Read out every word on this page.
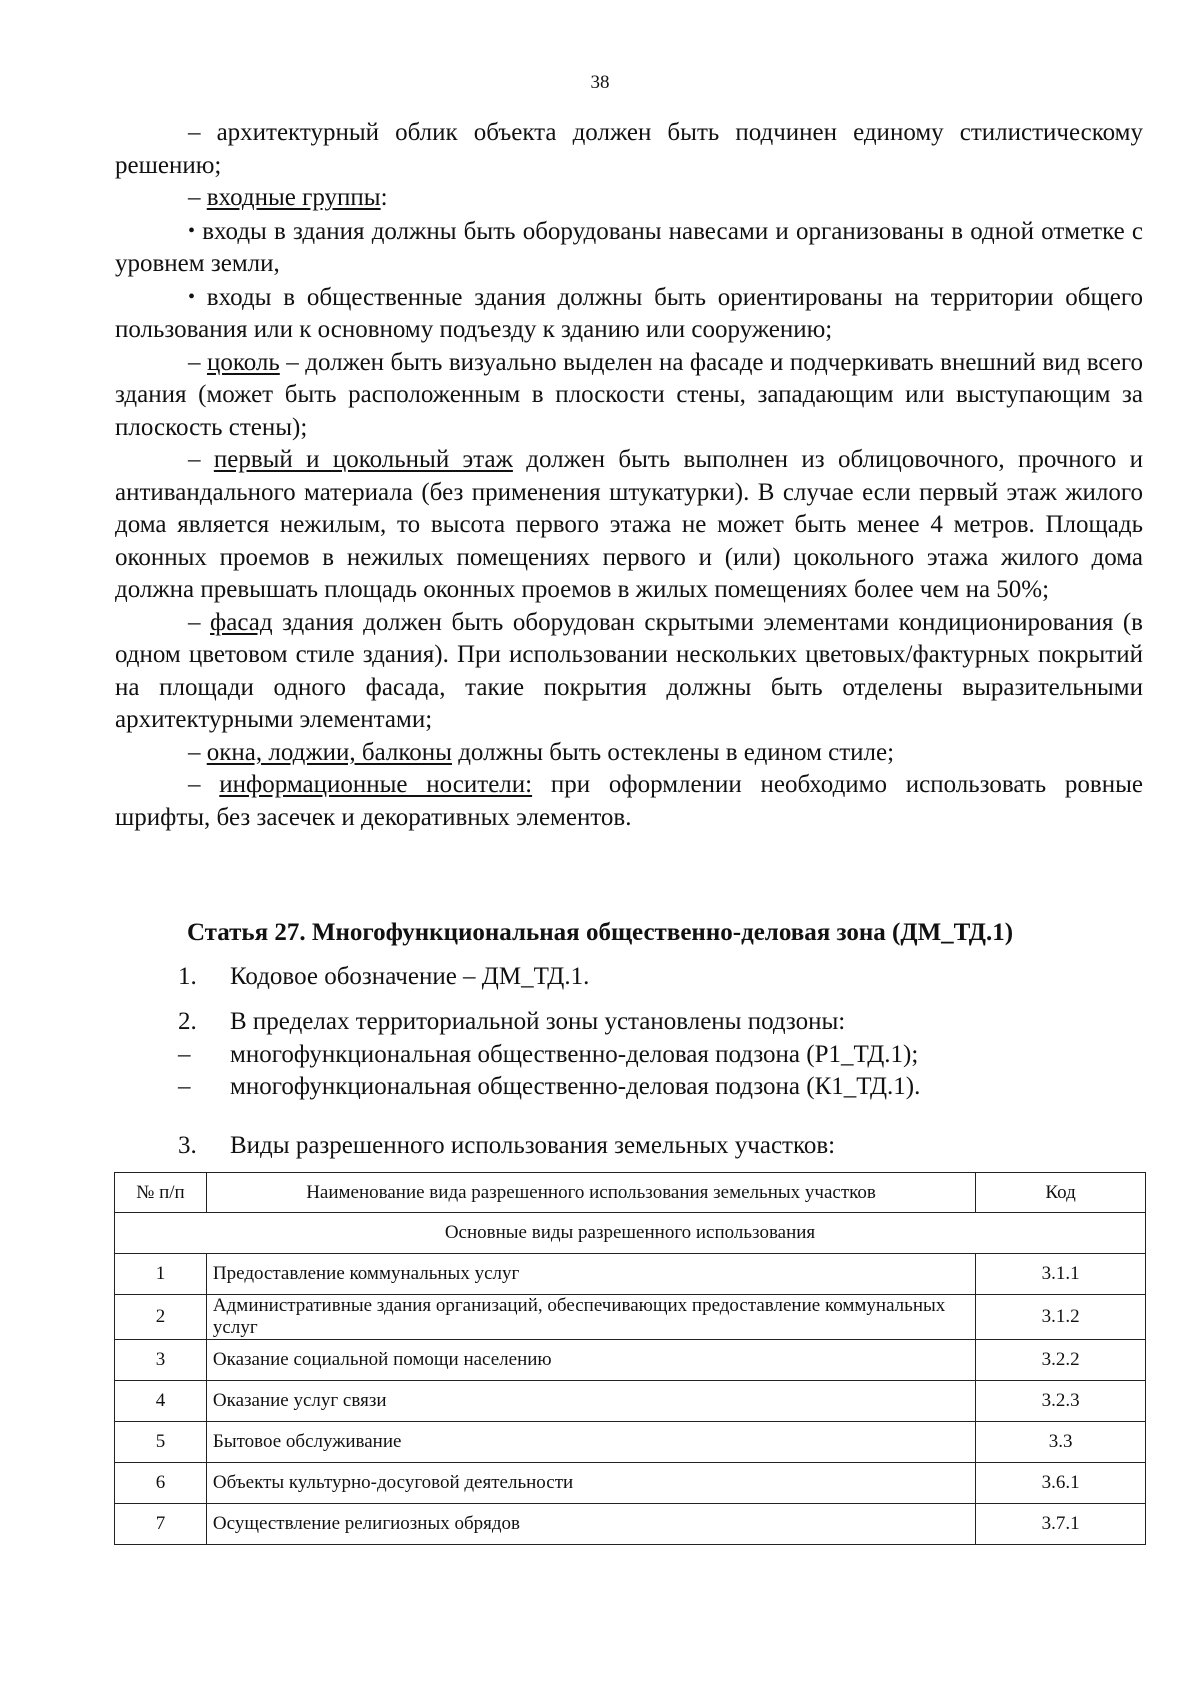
38

– архитектурный облик объекта должен быть подчинен единому стилистическому решению;

– входные группы:

• входы в здания должны быть оборудованы навесами и организованы в одной отметке с уровнем земли,

• входы в общественные здания должны быть ориентированы на территории общего пользования или к основному подъезду к зданию или сооружению;

– цоколь – должен быть визуально выделен на фасаде и подчеркивать внешний вид всего здания (может быть расположенным в плоскости стены, западающим или выступающим за плоскость стены);

– первый и цокольный этаж должен быть выполнен из облицовочного, прочного и антивандального материала (без применения штукатурки). В случае если первый этаж жилого дома является нежилым, то высота первого этажа не может быть менее 4 метров. Площадь оконных проемов в нежилых помещениях первого и (или) цокольного этажа жилого дома должна превышать площадь оконных проемов в жилых помещениях более чем на 50%;

– фасад здания должен быть оборудован скрытыми элементами кондиционирования (в одном цветовом стиле здания). При использовании нескольких цветовых/фактурных покрытий на площади одного фасада, такие покрытия должны быть отделены выразительными архитектурными элементами;

– окна, лоджии, балконы должны быть остеклены в едином стиле;

– информационные носители: при оформлении необходимо использовать ровные шрифты, без засечек и декоративных элементов.

Статья 27. Многофункциональная общественно-деловая зона (ДМ_ТД.1)
1.	Кодовое обозначение – ДМ_ТД.1.
2.	В пределах территориальной зоны установлены подзоны:
–	многофункциональная общественно-деловая подзона (Р1_ТД.1);
–	многофункциональная общественно-деловая подзона (К1_ТД.1).
3.	Виды разрешенного использования земельных участков:
№ п/п	Наименование вида разрешенного использования земельных участков	Код
Основные виды разрешенного использования		
1	Предоставление коммунальных услуг	3.1.1
2	Административные здания организаций, обеспечивающих предоставление коммунальных услуг	3.1.2
3	Оказание социальной помощи населению	3.2.2
4	Оказание услуг связи	3.2.3
5	Бытовое обслуживание	3.3
6	Объекты культурно-досуговой деятельности	3.6.1
7	Осуществление религиозных обрядов	3.7.1
